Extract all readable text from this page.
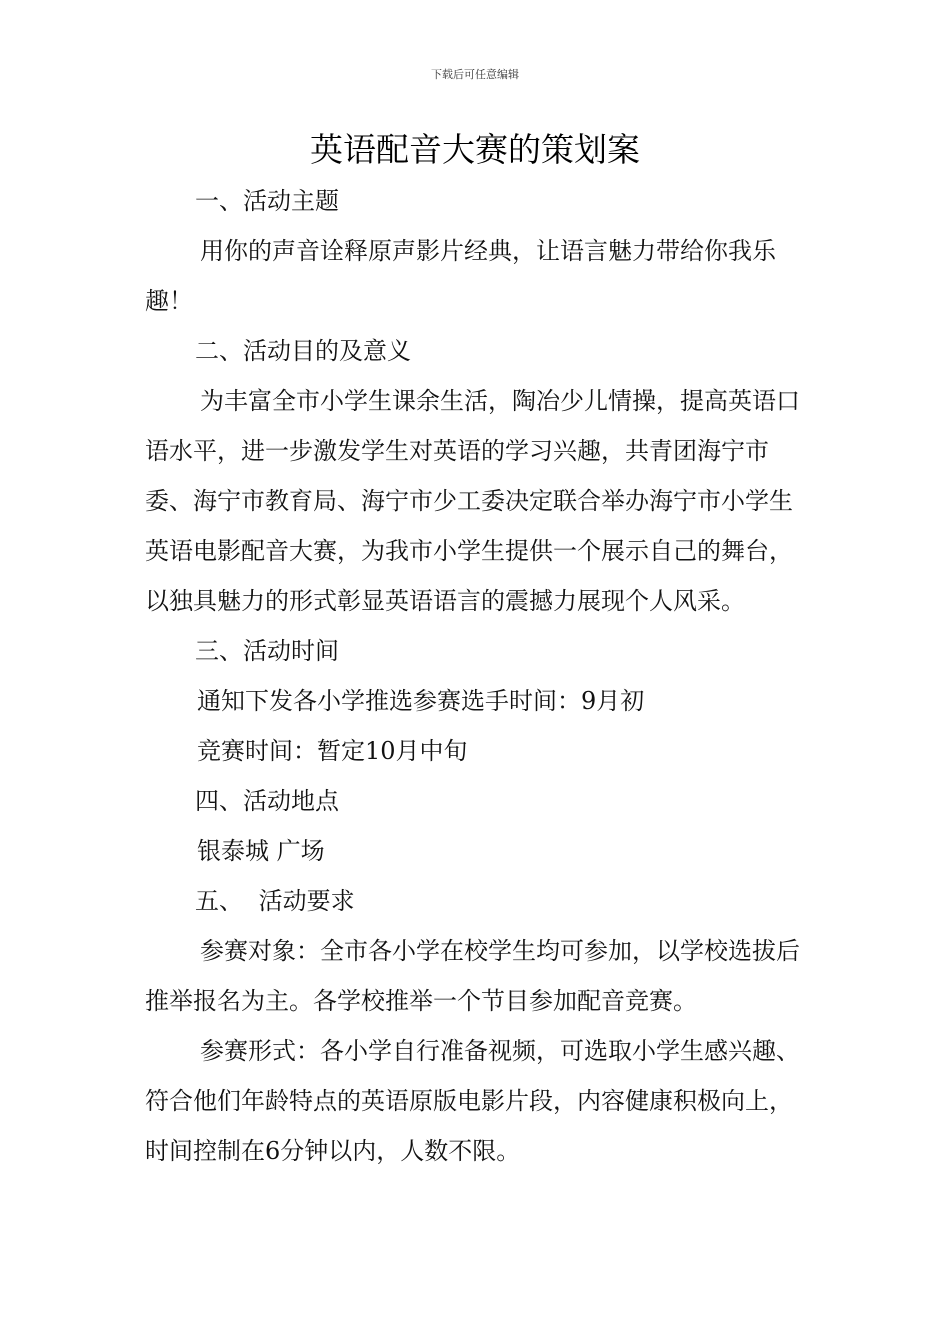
下载后可任意编辑
英语配音大赛的策划案

一、活动主题

用你的声音诠释原声影片经典，让语言魅力带给你我乐趣！

二、活动目的及意义

为丰富全市小学生课余生活，陶冶少儿情操，提高英语口语水平，进一步激发学生对英语的学习兴趣，共青团海宁市委、海宁市教育局、海宁市少工委决定联合举办海宁市小学生英语电影配音大赛，为我市小学生提供一个展示自己的舞台，以独具魅力的形式彰显英语语言的震撼力展现个人风采。

三、活动时间

通知下发各小学推选参赛选手时间：9月初

竞赛时间：暂定10月中旬

四、活动地点

银泰城 广场

五、 活动要求

参赛对象：全市各小学在校学生均可参加，以学校选拔后推举报名为主。各学校推举一个节目参加配音竞赛。

参赛形式：各小学自行准备视频，可选取小学生感兴趣、符合他们年龄特点的英语原版电影片段，内容健康积极向上，时间控制在6分钟以内，人数不限。
